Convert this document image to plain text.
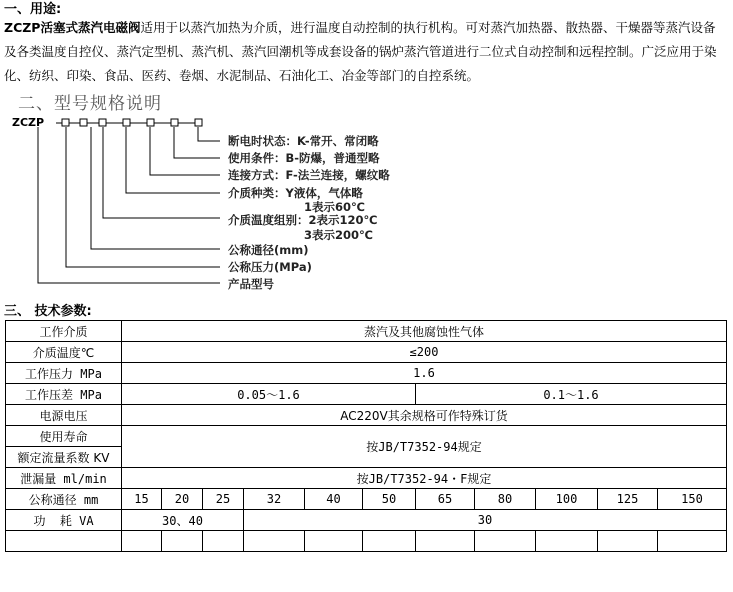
一、用途:
ZCZP活塞式蒸汽电磁阀适用于以蒸汽加热为介质，进行温度自动控制的执行机构。可对蒸汽加热器、散热器、干燥器等蒸汽设备及各类温度自控仪、蒸汽定型机、蒸汽机、蒸汽回潮机等成套设备的锅炉蒸汽管道进行二位式自动控制和远程控制。广泛应用于染化、纺织、印染、食品、医药、卷烟、水泥制品、石油化工、冶金等部门的自控系统。
二、型号规格说明
ZCZP
断电时状态：K-常开、常闭略
使用条件：B-防爆，普通型略
连接方式：F-法兰连接，螺纹略
介质种类：Y液体，气体略
1表示60℃
介质温度组别：2表示120℃
3表示200℃
公称通径(mm)
公称压力(MPa)
产品型号
三、 技术参数:
工作介质	蒸汽及其他腐蚀性气体										
介质温度℃	≤200										
工作压力 MPa	1.6										
工作压差 MPa	0.05～1.6						0.1～1.6				
电源电压	AC220V其余规格可作特殊订货										
使用寿命	按JB/T7352-94规定										
额定流量系数 KV											
泄漏量 ml/min	按JB/T7352-94・F规定										
公称通径 mm	15	20	25	32	40	50	65	80	100	125	150
功  耗 VA	30、40			30							
